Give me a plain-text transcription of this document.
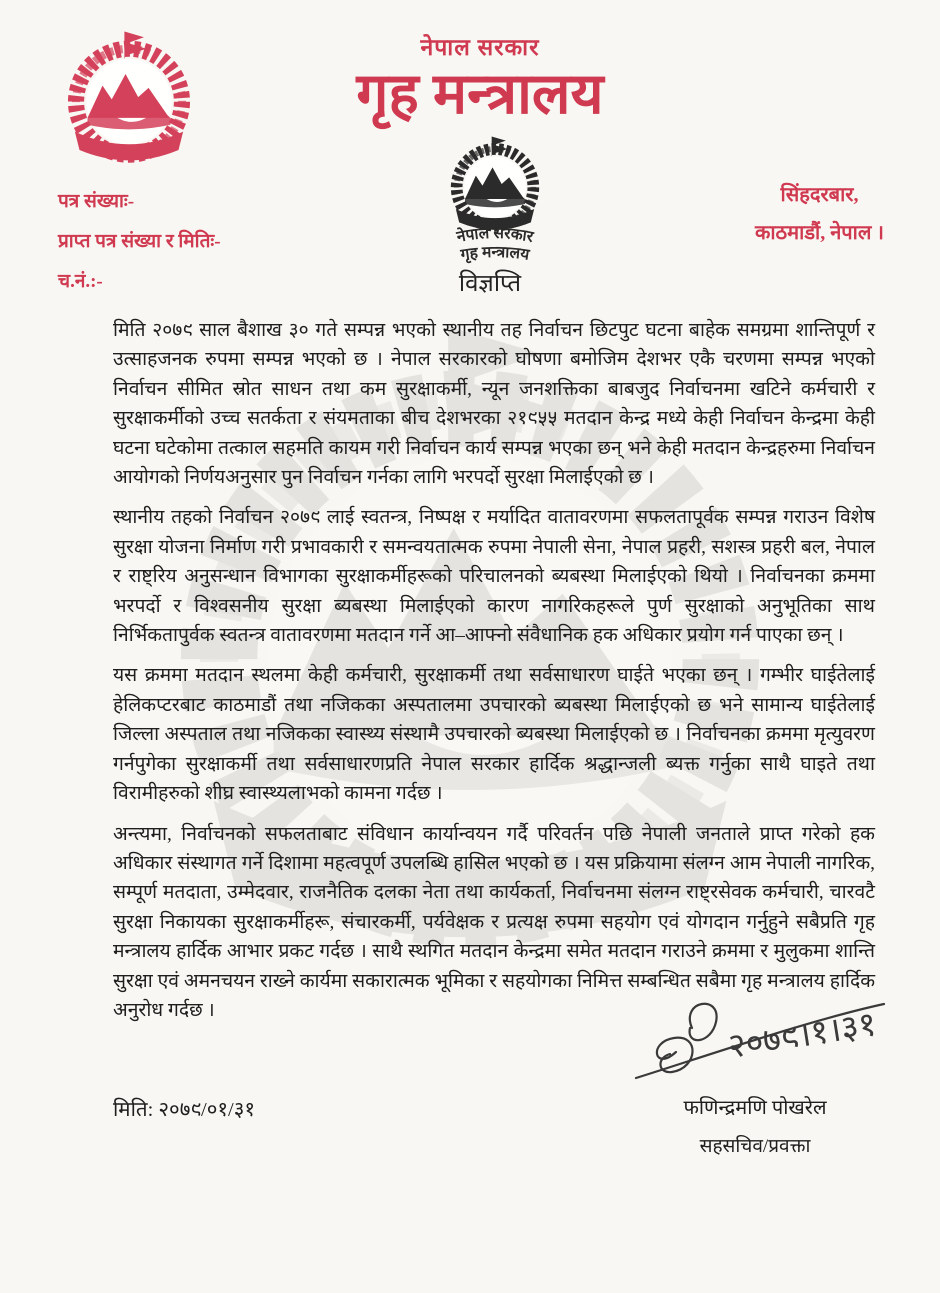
नेपाल सरकार
गृह मन्त्रालय
नेपाल सरकार
गृह मन्त्रालय
विज्ञप्ति
पत्र संख्याः-
प्राप्त पत्र संख्या र मितिः-
च.नं.:-
सिंहदरबार,
काठमाडौं, नेपाल ।

मिति २०७९ साल बैशाख ३० गते सम्पन्न भएको स्थानीय तह निर्वाचन छिटपुट घटना बाहेक समग्रमा शान्तिपूर्ण र उत्साहजनक रुपमा सम्पन्न भएको छ । नेपाल सरकारको घोषणा बमोजिम देशभर एकै चरणमा सम्पन्न भएको निर्वाचन सीमित स्रोत साधन तथा कम सुरक्षाकर्मी, न्यून जनशक्तिका बाबजुद निर्वाचनमा खटिने कर्मचारी र सुरक्षाकर्मीको उच्च सतर्कता र संयमताका बीच देशभरका २१९५५ मतदान केन्द्र मध्ये केही निर्वाचन केन्द्रमा केही घटना घटेकोमा तत्काल सहमति कायम गरी निर्वाचन कार्य सम्पन्न भएका छन् भने केही मतदान केन्द्रहरुमा निर्वाचन आयोगको निर्णयअनुसार पुन निर्वाचन गर्नका लागि भरपर्दो सुरक्षा मिलाईएको छ ।

स्थानीय तहको निर्वाचन २०७९ लाई स्वतन्त्र, निष्पक्ष र मर्यादित वातावरणमा सफलतापूर्वक सम्पन्न गराउन विशेष सुरक्षा योजना निर्माण गरी प्रभावकारी र समन्वयतात्मक रुपमा नेपाली सेना, नेपाल प्रहरी, सशस्त्र प्रहरी बल, नेपाल र राष्ट्रिय अनुसन्धान विभागका सुरक्षाकर्मीहरूको परिचालनको ब्यबस्था मिलाईएको थियो । निर्वाचनका क्रममा भरपर्दो र विश्वसनीय सुरक्षा ब्यबस्था मिलाईएको कारण नागरिकहरूले पुर्ण सुरक्षाको अनुभूतिका साथ निर्भिकतापुर्वक स्वतन्त्र वातावरणमा मतदान गर्ने आ–आफ्नो संवैधानिक हक अधिकार प्रयोग गर्न पाएका छन् ।

यस क्रममा मतदान स्थलमा केही कर्मचारी, सुरक्षाकर्मी तथा सर्वसाधारण घाईते भएका छन् । गम्भीर घाईतेलाई हेलिकप्टरबाट काठमाडौं तथा नजिकका अस्पतालमा उपचारको ब्यबस्था मिलाईएको छ भने सामान्य घाईतेलाई जिल्ला अस्पताल तथा नजिकका स्वास्थ्य संस्थामै उपचारको ब्यबस्था मिलाईएको छ । निर्वाचनका क्रममा मृत्युवरण गर्नपुगेका सुरक्षाकर्मी तथा सर्वसाधारणप्रति नेपाल सरकार हार्दिक श्रद्धान्जली ब्यक्त गर्नुका साथै घाइते तथा विरामीहरुको शीघ्र स्वास्थ्यलाभको कामना गर्दछ ।

अन्त्यमा, निर्वाचनको सफलताबाट संविधान कार्यान्वयन गर्दै परिवर्तन पछि नेपाली जनताले प्राप्त गरेको हक अधिकार संस्थागत गर्ने दिशामा महत्वपूर्ण उपलब्धि हासिल भएको छ । यस प्रक्रियामा संलग्न आम नेपाली नागरिक, सम्पूर्ण मतदाता, उम्मेदवार, राजनैतिक दलका नेता तथा कार्यकर्ता, निर्वाचनमा संलग्न राष्ट्रसेवक कर्मचारी, चारवटै सुरक्षा निकायका सुरक्षाकर्मीहरू, संचारकर्मी, पर्यवेक्षक र प्रत्यक्ष रुपमा सहयोग एवं योगदान गर्नुहुने सबैप्रति गृह मन्त्रालय हार्दिक आभार प्रकट गर्दछ । साथै स्थगित मतदान केन्द्रमा समेत मतदान गराउने क्रममा र मुलुकमा शान्ति सुरक्षा एवं अमनचयन राख्ने कार्यमा सकारात्मक भूमिका र सहयोगका निमित्त सम्बन्धित सबैमा गृह मन्त्रालय हार्दिक अनुरोध गर्दछ ।

मिति: २०७९/०१/३१
२०७९।१।३१
फणिन्द्रमणि पोखरेल
सहसचिव/प्रवक्ता
